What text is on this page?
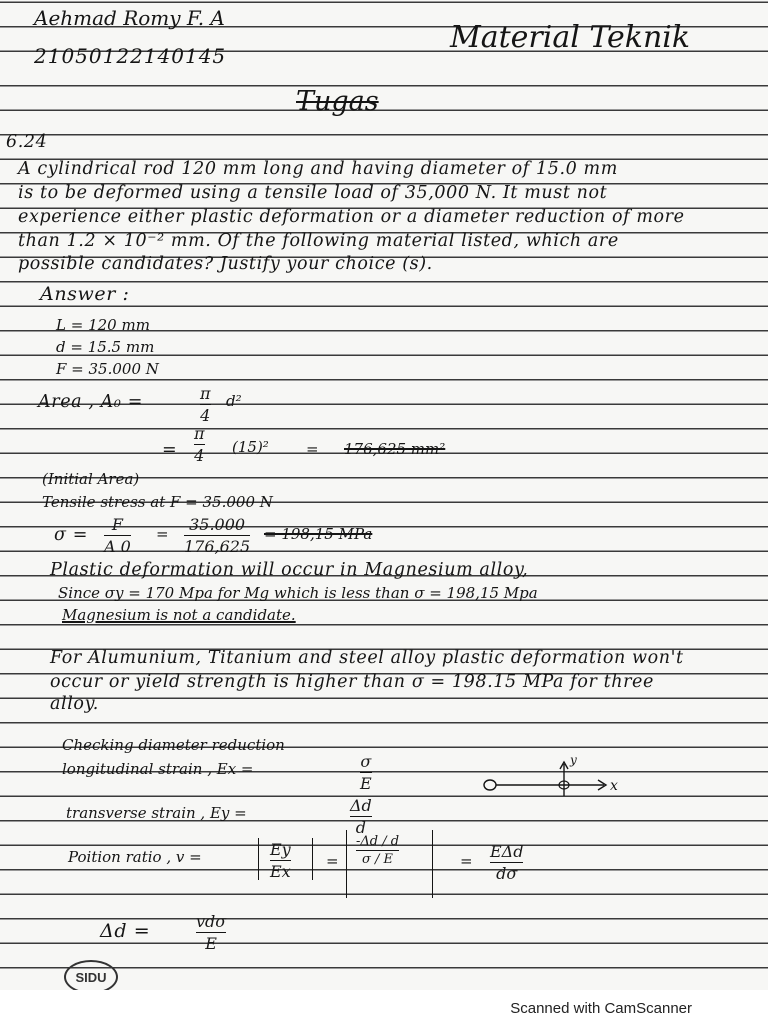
Aehmad Romy F. A
21050122140145
Material Teknik
Tugas
6.24
A cylindrical rod 120 mm long and having diameter of 15.0 mm
is to be deformed using a tensile load of 35,000 N. It must not
experience either plastic deformation or a diameter reduction of more
than 1.2 × 10⁻² mm. Of the following material listed, which are
possible candidates? Justify your choice (s).
Answer :
L = 120 mm
d = 15.5 mm
F = 35.000 N
Area , A₀ =	π
4
d²
=
π
4 (15)² = 176,625 mm²
(Initial Area)
Tensile stress at F = 35.000 N
σ =
F
A 0
= 35.000
176,625
= 198,15 MPa
Plastic deformation will occur in Magnesium alloy,
Since σy = 170 Mpa for Mg which is less than σ = 198,15 Mpa
Magnesium is not a candidate.
For Alumunium, Titanium and steel alloy plastic deformation won't
occur or yield strength is higher than σ = 198.15 MPa for three
alloy.
Checking diameter reduction
longitudinal strain , Ex =	σ
E	x
y
transverse strain , Ey =	Δd
d
Poition ratio , v =	Ey
Ex
=
-Δd / d
σ / E	= EΔd
dσ
Δd =	vdσ
E
SIDU
Scanned with CamScanner
